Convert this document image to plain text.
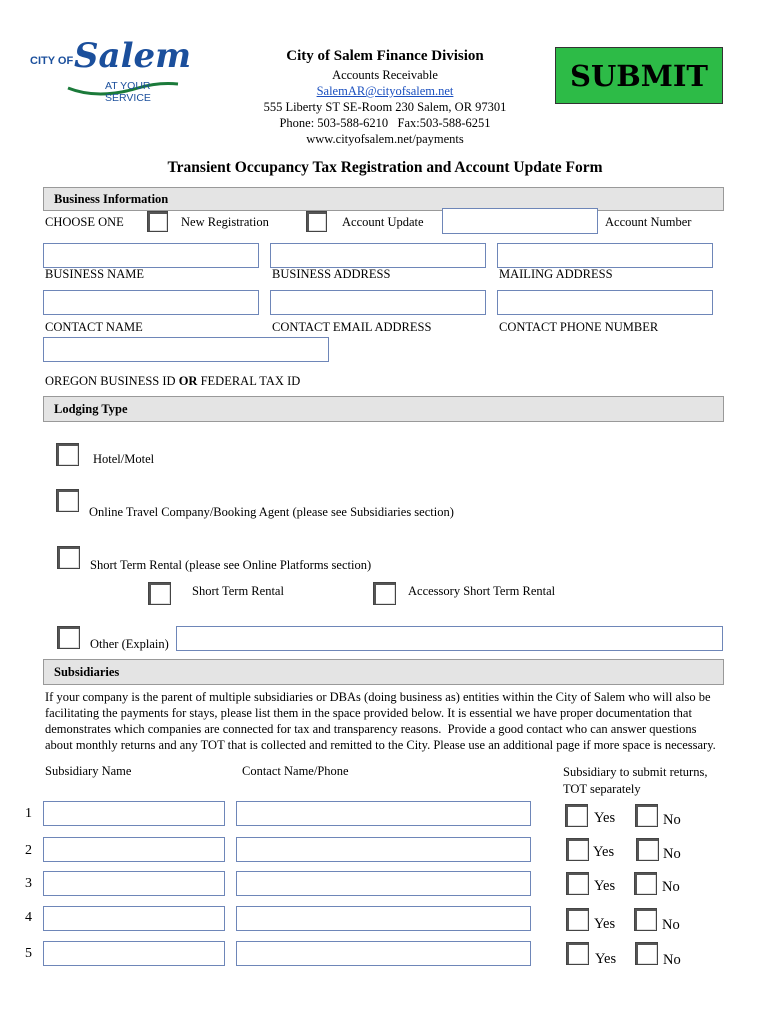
CITY OF Salem
AT YOUR SERVICE
City of Salem Finance Division
Accounts Receivable
SalemAR@cityofsalem.net
555 Liberty ST SE-Room 230 Salem, OR 97301
Phone: 503-588-6210   Fax:503-588-6251
www.cityofsalem.net/payments
SUBMIT
Transient Occupancy Tax Registration and Account Update Form
Business Information
CHOOSE ONE	New Registration	Account Update	Account Number
BUSINESS NAME	BUSINESS ADDRESS	MAILING ADDRESS
CONTACT NAME	CONTACT EMAIL ADDRESS	CONTACT PHONE NUMBER
OREGON BUSINESS ID OR FEDERAL TAX ID
Lodging Type
Hotel/Motel
Online Travel Company/Booking Agent (please see Subsidiaries section)
Short Term Rental (please see Online Platforms section)
Short Term Rental	Accessory Short Term Rental
Other (Explain)
Subsidiaries
If your company is the parent of multiple subsidiaries or DBAs (doing business as) entities within the City of Salem who will also be
facilitating the payments for stays, please list them in the space provided below. It is essential we have proper documentation that
demonstrates which companies are connected for tax and transparency reasons.  Provide a good contact who can answer questions
about monthly returns and any TOT that is collected and remitted to the City. Please use an additional page if more space is necessary.
Subsidiary Name	Contact Name/Phone	Subsidiary to submit returns,
TOT separately
1	Yes	No
2	Yes	No
3	Yes	No
4	Yes	No
5	Yes	No
